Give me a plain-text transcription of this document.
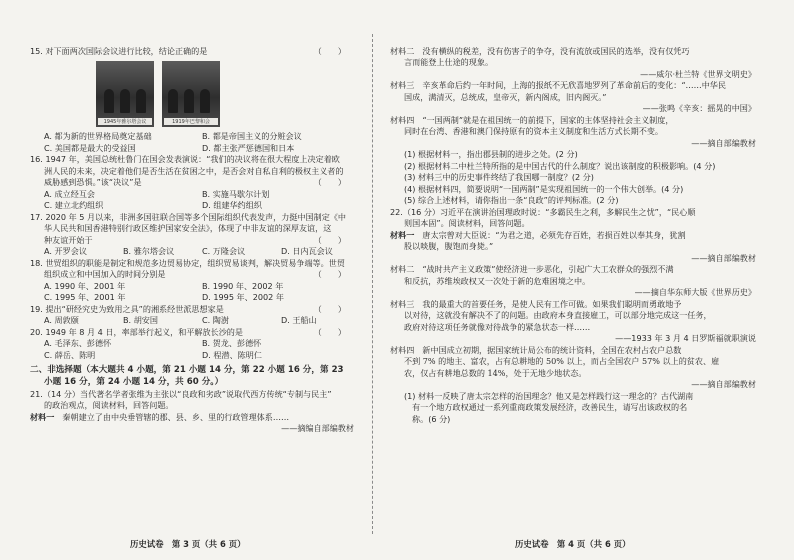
15. 对下面两次国际会议进行比较，结论正确的是	（　　）
1945年雅尔塔会议	1919年巴黎和会
A. 都为新的世界格局奠定基础	B. 都是帝国主义的分赃会议
C. 美国都是最大的受益国	D. 都主张严惩德国和日本

16. 1947 年，美国总统杜鲁门在国会发表演说：“我们的决议将在很大程度上决定着欧

洲人民的未来，决定着他们是否生活在贫困之中，是否会对自私自利的极权主义者的

威胁感到恐惧。”该“决议”是	（　　）
A. 成立经互会	B. 实施马歇尔计划
C. 建立北约组织	D. 组建华约组织

17. 2020 年 5 月以来，非洲多国驻联合国等多个国际组织代表发声，力挺中国制定《中

华人民共和国香港特别行政区维护国家安全法》，体现了中非友谊的深厚友谊，这

种友谊开始于	（　　）
A. 开罗会议	B. 雅尔塔会议	C. 万隆会议	D. 日内瓦会议

18. 世贸组织的职能是制定和规范多边贸易协定，组织贸易谈判，解决贸易争端等。世贸

组织成立和中国加入的时间分别是	（　　）
A. 1990 年、2001 年	B. 1990 年、2002 年
C. 1995 年、2001 年	D. 1995 年、2002 年
19. 提出“研经究史为致用之具”的湘系经世派思想家是	（　　）
A. 周敦颐	B. 胡安国	C. 陶澍	D. 王船山
20. 1949 年 8 月 4 日，率部举行起义，和平解放长沙的是	（　　）
A. 毛泽东、彭德怀	B. 贺龙、彭德怀
C. 薛岳、陈明	D. 程潜、陈明仁

二、非选择题（本大题共 4 小题，第 21 小题 14 分，第 22 小题 16 分，第 23

小题 16 分，第 24 小题 14 分，共 60 分。）

21.（14 分）当代著名学者张维为主张以“良政和劣政”说取代西方传统“专制与民主”

的政治观点，阅读材料，回答问题。

材料一　 秦朝建立了由中央垂管辖的郡、县、乡、里的行政管理体系……

——摘编自部编教材

历史试卷　第 3 页（共 6 页）

材料二　没有横纵的税差，没有伤害子的争夺，没有流放或国民的选举，没有仅凭巧

言而能登上仕途的现象。

——威尔·杜兰特《世界文明史》

材料三　辛亥革命后约一年时间，上海的报纸不无欣喜地罗列了革命前后的变化：“……中华民

国成，满清灭，总统成，皇帝灭，新内阁成，旧内阁灭。”

——张鸣《辛亥：摇晃的中国》

材料四　“一国两制”就是在祖国统一的前提下，国家的主体坚持社会主义制度，

同时在台湾、香港和澳门保持原有的资本主义制度和生活方式长期不变。

——摘自部编教材

(1) 根据材料一，指出郡县制的进步之处。(2 分)

(2) 根据材料二中杜兰特所指的是中国古代的什么制度？说出该制度的积极影响。(4 分)

(3) 材料三中的历史事件终结了我国哪一制度？(2 分)

(4) 根据材料四，简要说明“一国两制”是实现祖国统一的一个伟大创举。(4 分)

(5) 综合上述材料，请你指出一条“良政”的评判标准。(2 分)

22.（16 分）习近平在演讲治国理政时说：“多霸民生之利，多解民生之忧”，“民心顺

则国本固”。阅读材料，回答问题。

材料一　唐太宗曾对大臣说：“为君之道，必须先存百姓，若损百姓以奉其身，犹割

股以啖腹，腹饱而身毙。”

——摘自部编教材

材料二　“战时共产主义政策”使经济进一步恶化，引起广大工农群众的强烈不满

和反抗，苏维埃政权又一次处于新的危难困境之中。

——摘自华东师大版《世界历史》

材料三　我的最重大的首要任务，是使人民有工作可做。如果我们聪明而勇敢地予

以对待，这就没有解决不了的问题。由政府本身直接雇工，可以部分地完成这一任务，

政府对待这项任务就像对待战争的紧急状态一样……

——1933 年 3 月 4 日罗斯福就职演说

材料四　新中国成立初期，据国家统计局公布的统计资料，全国在农村占农户总数

不到 7% 的地主、富农，占有总耕地的 50% 以上，而占全国农户 57% 以上的贫农、雇

农，仅占有耕地总数的 14%，处于无地少地状态。

——摘自部编教材

(1) 材料一反映了唐太宗怎样的治国理念？他又是怎样践行这一理念的？古代湖南

有一个地方政权通过一系列重商政策发展经济，改善民生，请写出该政权的名

称。(6 分)

历史试卷　第 4 页（共 6 页）
